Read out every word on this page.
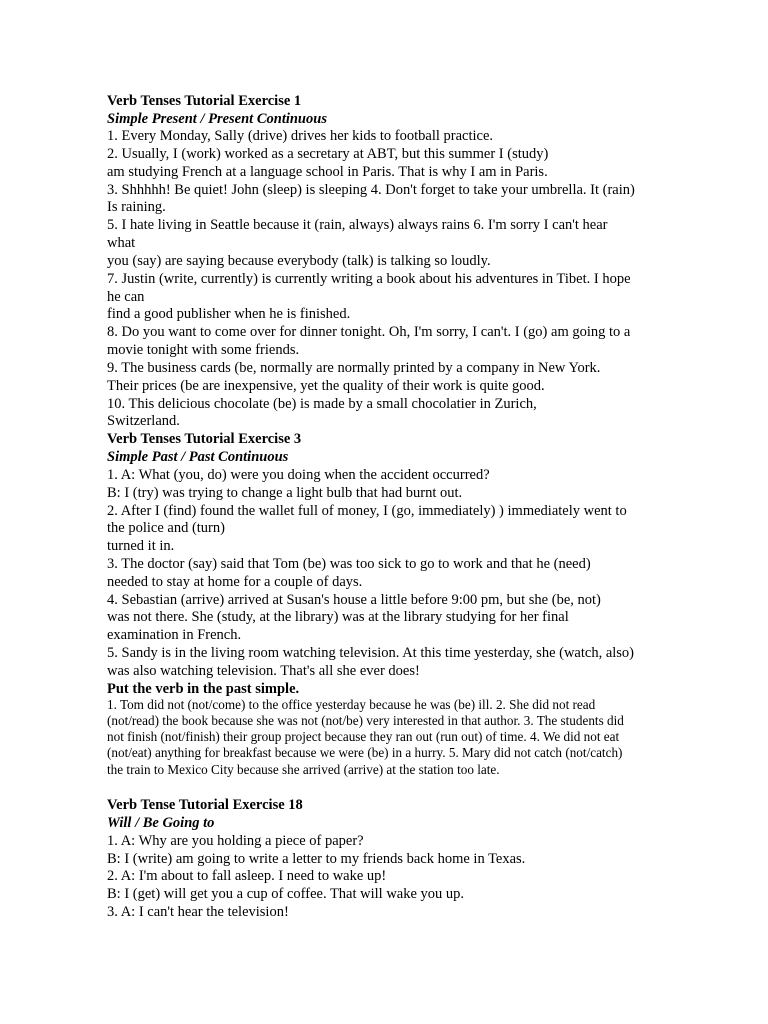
Verb Tenses Tutorial Exercise 1
Simple Present / Present Continuous
1. Every Monday, Sally (drive) drives her kids to football practice.
2. Usually, I (work) worked as a secretary at ABT, but this summer I (study)
am studying French at a language school in Paris. That is why I am in Paris.
3. Shhhhh! Be quiet! John (sleep) is sleeping 4. Don't forget to take your umbrella. It (rain)
Is raining.
5. I hate living in Seattle because it (rain, always) always rains 6. I'm sorry I can't hear
what
you (say) are saying because everybody (talk) is talking so loudly.
7. Justin (write, currently) is currently writing a book about his adventures in Tibet. I hope
he can
find a good publisher when he is finished.
8. Do you want to come over for dinner tonight. Oh, I'm sorry, I can't. I (go) am going to a
movie tonight with some friends.
9. The business cards (be, normally are normally printed by a company in New York.
Their prices (be are inexpensive, yet the quality of their work is quite good.
10. This delicious chocolate (be) is made by a small chocolatier in Zurich,
Switzerland.
Verb Tenses Tutorial Exercise 3
Simple Past / Past Continuous
1. A: What (you, do) were you doing when the accident occurred?
B: I (try) was trying to change a light bulb that had burnt out.
2. After I (find) found the wallet full of money, I (go, immediately) ) immediately went to
the police and (turn)
turned it in.
3. The doctor (say) said that Tom (be) was too sick to go to work and that he (need)
needed to stay at home for a couple of days.
4. Sebastian (arrive) arrived at Susan's house a little before 9:00 pm, but she (be, not)
was not there. She (study, at the library) was at the library studying for her final
examination in French.
5. Sandy is in the living room watching television. At this time yesterday, she (watch, also)
was also watching television. That's all she ever does!
Put the verb in the past simple.
1. Tom did not (not/come) to the office yesterday because he was (be) ill. 2. She did not read
(not/read) the book because she was not (not/be) very interested in that author. 3. The students did
not finish (not/finish) their group project because they ran out (run out) of time. 4. We did not eat
(not/eat) anything for breakfast because we were (be) in a hurry. 5. Mary did not catch (not/catch)
the train to Mexico City because she arrived (arrive) at the station too late.
Verb Tense Tutorial Exercise 18
Will / Be Going to
1. A: Why are you holding a piece of paper?
B: I (write) am going to write a letter to my friends back home in Texas.
2. A: I'm about to fall asleep. I need to wake up!
B: I (get) will get you a cup of coffee. That will wake you up.
3. A: I can't hear the television!
